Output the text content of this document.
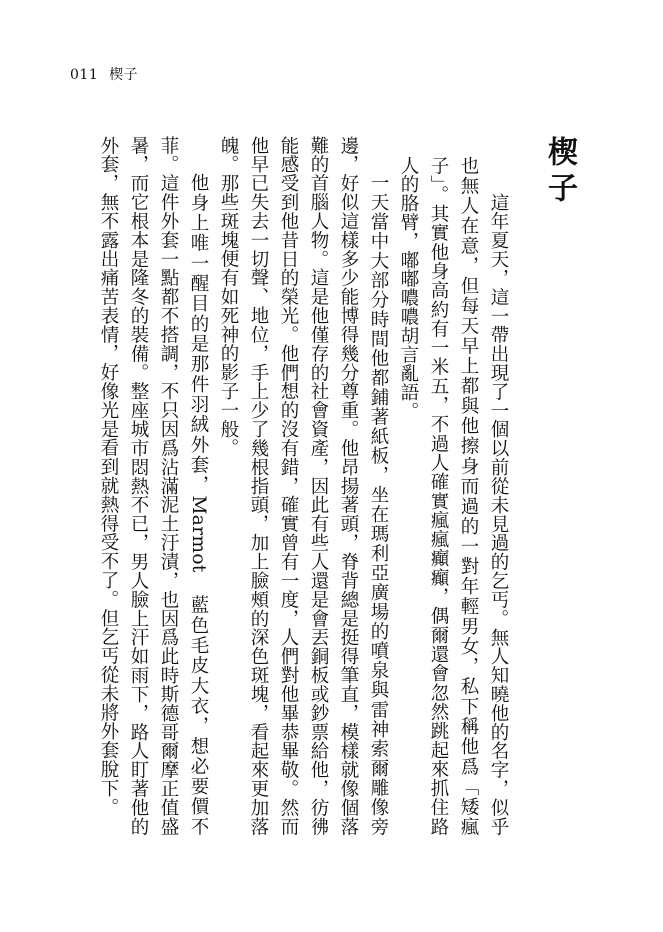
011 楔子
楔子

這年夏天，這一帶出現了一個以前從未見過的乞丐。無人知曉他的名字，似乎也無人在意，但每天早上都與他擦身而過的一對年輕男女，私下稱他爲「矮瘋子」。其實他身高約有一米五，不過人確實瘋瘋癲癲，偶爾還會忽然跳起來抓住路人的胳臂，嘟嘟噥噥胡言亂語。

一天當中大部分時間他都鋪著紙板，坐在瑪利亞廣場的噴泉與雷神索爾雕像旁邊，好似這樣多少能博得幾分尊重。他昂揚著頭，脊背總是挺得筆直，模樣就像個落難的首腦人物。這是他僅存的社會資產，因此有些人還是會丟銅板或鈔票給他，彷彿能感受到他昔日的榮光。他們想的沒有錯，確實曾有一度，人們對他畢恭畢敬。然而他早已失去一切聲、地位，手上少了幾根指頭，加上臉頰的深色斑塊，看起來更加落魄。那些斑塊便有如死神的影子一般。

他身上唯一醒目的是那件羽絨外套，Marmot 藍色毛皮大衣，想必要價不菲。這件外套一點都不搭調，不只因爲沾滿泥土汙漬，也因爲此時斯德哥爾摩正值盛暑，而它根本是隆冬的裝備。整座城市悶熱不已，男人臉上汗如雨下，路人盯著他的外套，無不露出痛苦表情，好像光是看到就熱得受不了。但乞丐從未將外套脫下。
